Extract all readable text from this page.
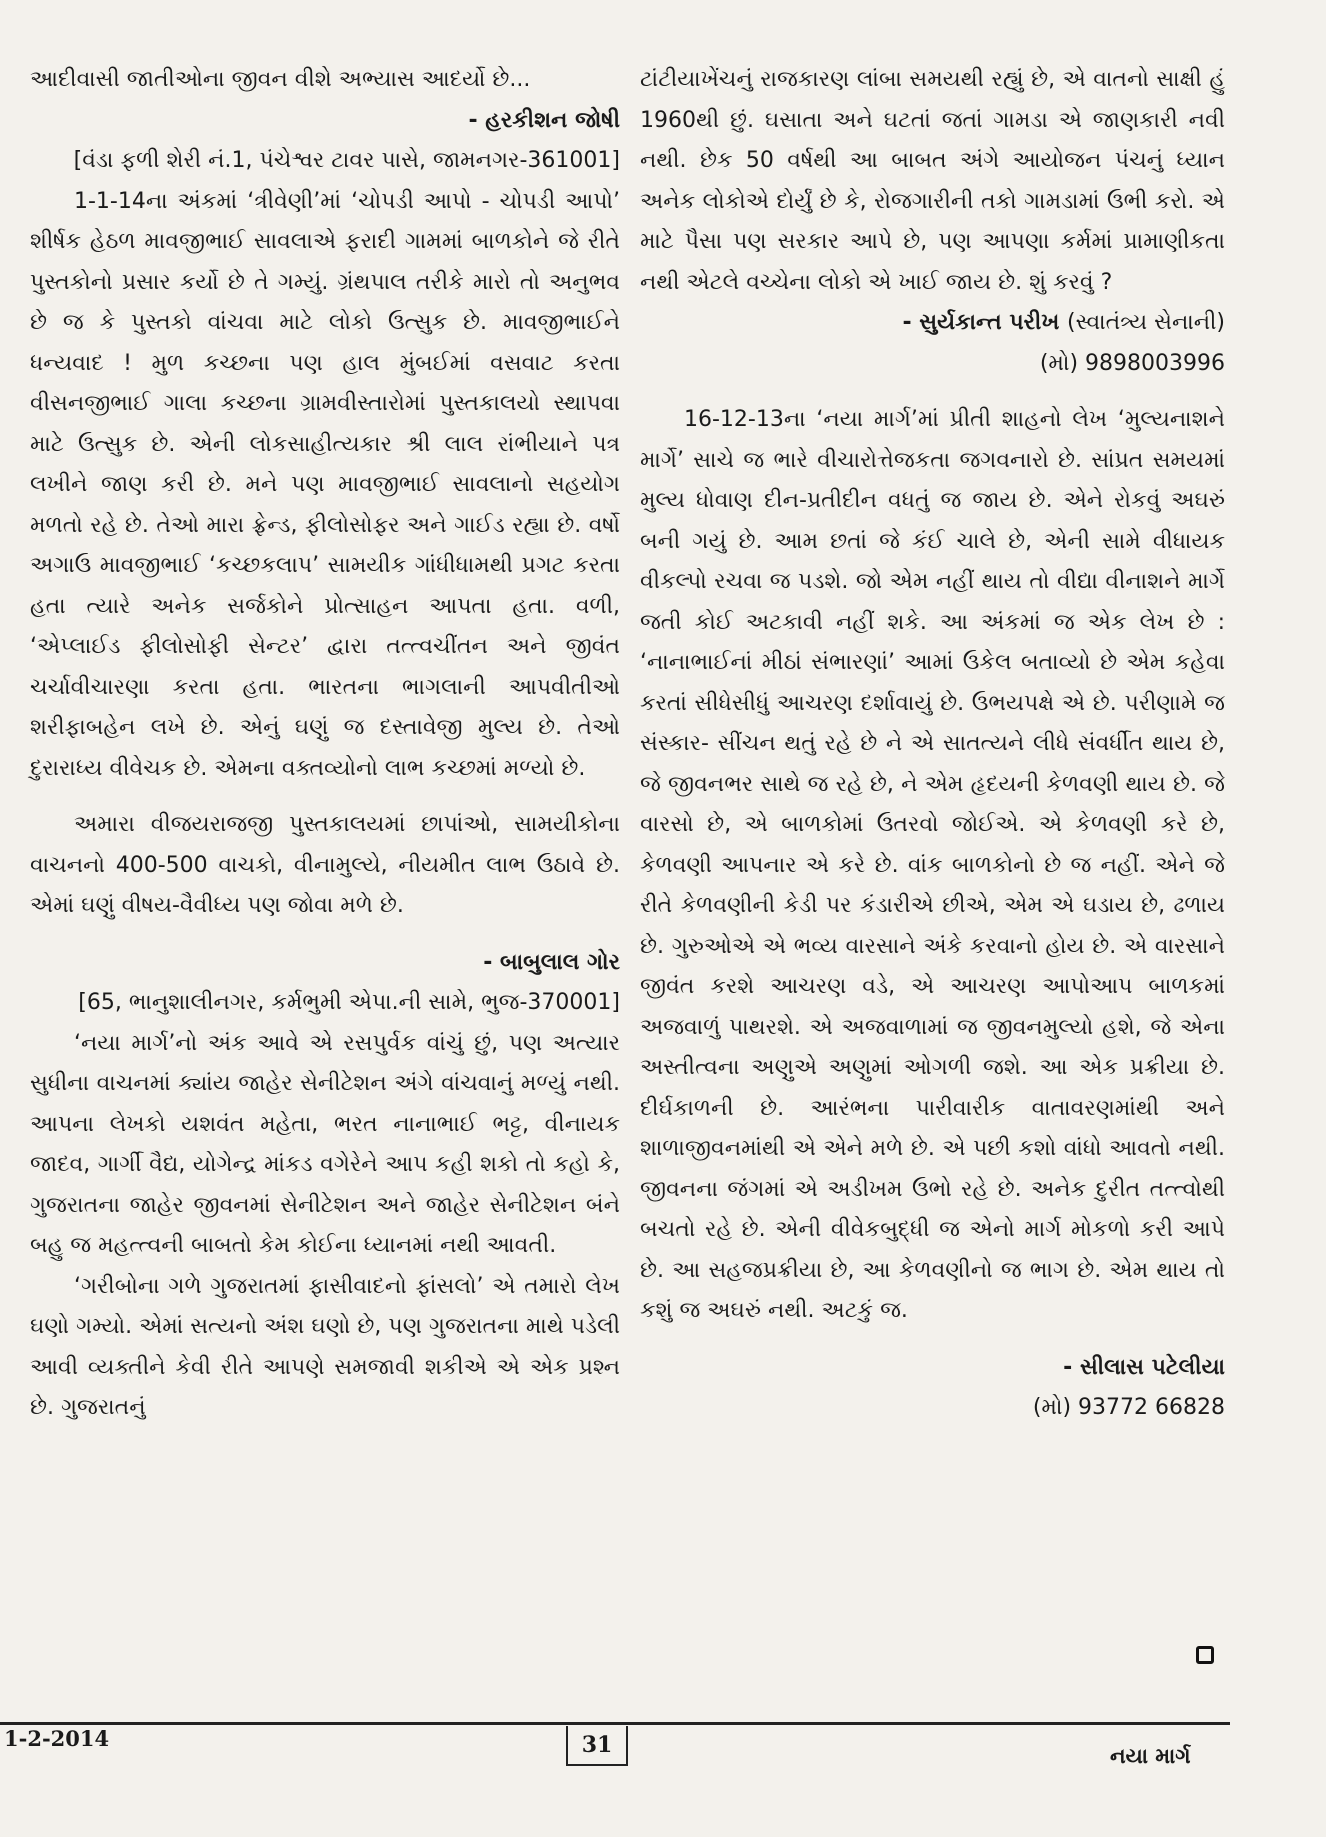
આદીવાસી જાતીઓના જીવન વીશે અભ્યાસ આદર્યો છે...

- હરકીશન જોષી

[વંડા ફળી શેરી નં.1, પંચેશ્વર ટાવર પાસે, જામનગર-361001]

1-1-14ના અંકમાં ‘ત્રીવેણી’માં ‘ચોપડી આપો - ચોપડી આપો’ શીર્ષક હેઠળ માવજીભાઈ સાવલાએ ફરાદી ગામમાં બાળકોને જે રીતે પુસ્તકોનો પ્રસાર કર્યો છે તે ગમ્યું. ગ્રંથપાલ તરીકે મારો તો અનુભવ છે જ કે પુસ્તકો વાંચવા માટે લોકો ઉત્સુક છે. માવજીભાઈને ધન્યવાદ ! મુળ કચ્છના પણ હાલ મુંબઈમાં વસવાટ કરતા વીસનજીભાઈ ગાલા કચ્છના ગ્રામવીસ્તારોમાં પુસ્તકાલયો સ્થાપવા માટે ઉત્સુક છે. એની લોકસાહીત્યકાર શ્રી લાલ રાંભીયાને પત્ર લખીને જાણ કરી છે. મને પણ માવજીભાઈ સાવલાનો સહયોગ મળતો રહે છે. તેઓ મારા ફ્રેન્ડ, ફીલોસોફર અને ગાઈડ રહ્યા છે. વર્ષો અગાઉ માવજીભાઈ ‘કચ્છકલાપ’ સામયીક ગાંધીધામથી પ્રગટ કરતા હતા ત્યારે અનેક સર્જકોને પ્રોત્સાહન આપતા હતા. વળી, ‘એપ્લાઈડ ફીલોસોફી સેન્ટર’ દ્વારા તત્ત્વચીંતન અને જીવંત ચર્ચાવીચારણા કરતા હતા. ભારતના ભાગલાની આપવીતીઓ શરીફાબહેન લખે છે. એનું ઘણું જ દસ્તાવેજી મુલ્ય છે. તેઓ દુરારાધ્ય વીવેચક છે. એમના વક્તવ્યોનો લાભ કચ્છમાં મળ્યો છે.

અમારા વીજયરાજજી પુસ્તકાલયમાં છાપાંઓ, સામયીકોના વાચનનો 400-500 વાચકો, વીનામુલ્યે, નીયમીત લાભ ઉઠાવે છે. એમાં ઘણું વીષય-વૈવીધ્ય પણ જોવા મળે છે.

- બાબુલાલ ગોર

[65, ભાનુશાલીનગર, કર્મભુમી એપા.ની સામે, ભુજ-370001]

‘નયા માર્ગ’નો અંક આવે એ રસપુર્વક વાંચું છું, પણ અત્યાર સુધીના વાચનમાં ક્યાંય જાહેર સેનીટેશન અંગે વાંચવાનું મળ્યું નથી. આપના લેખકો યશવંત મહેતા, ભરત નાનાભાઈ ભટ્ટ, વીનાયક જાદવ, ગાર્ગી વૈદ્ય, યોગેન્દ્ર માંકડ વગેરેને આપ કહી શકો તો કહો કે, ગુજરાતના જાહેર જીવનમાં સેનીટેશન અને જાહેર સેનીટેશન બંને બહુ જ મહત્ત્વની બાબતો કેમ કોઈના ધ્યાનમાં નથી આવતી.

‘ગરીબોના ગળે ગુજરાતમાં ફાસીવાદનો ફાંસલો’ એ તમારો લેખ ઘણો ગમ્યો. એમાં સત્યનો અંશ ઘણો છે, પણ ગુજરાતના માથે પડેલી આવી વ્યક્તીને કેવી રીતે આપણે સમજાવી શકીએ એ એક પ્રશ્ન છે. ગુજરાતનું

ટાંટીયાખેંચનું રાજકારણ લાંબા સમયથી રહ્યું છે, એ વાતનો સાક્ષી હું 1960થી છું. ઘસાતા અને ઘટતાં જતાં ગામડા એ જાણકારી નવી નથી. છેક 50 વર્ષથી આ બાબત અંગે આયોજન પંચનું ધ્યાન અનેક લોકોએ દોર્યું છે કે, રોજગારીની તકો ગામડામાં ઉભી કરો. એ માટે પૈસા પણ સરકાર આપે છે, પણ આપણા કર્મમાં પ્રામાણીકતા નથી એટલે વચ્ચેના લોકો એ ખાઈ જાય છે. શું કરવું ?

- સુર્યકાન્ત પરીખ (સ્વાતંત્ર્ય સેનાની)

(મો) 9898003996

16-12-13ના ‘નયા માર્ગ’માં પ્રીતી શાહનો લેખ ‘મુલ્યનાશને માર્ગે’ સાચે જ ભારે વીચારોત્તેજકતા જગવનારો છે. સાંપ્રત સમયમાં મુલ્ય ધોવાણ દીન-પ્રતીદીન વધતું જ જાય છે. એને રોકવું અઘરું બની ગયું છે. આમ છતાં જે કંઈ ચાલે છે, એની સામે વીધાયક વીકલ્પો રચવા જ પડશે. જો એમ નહીં થાય તો વીદ્યા વીનાશને માર્ગે જતી કોઈ અટકાવી નહીં શકે. આ અંકમાં જ એક લેખ છે : ‘નાનાભાઈનાં મીઠાં સંભારણાં’ આમાં ઉકેલ બતાવ્યો છે એમ કહેવા કરતાં સીધેસીધું આચરણ દર્શાવાયું છે. ઉભયપક્ષે એ છે. પરીણામે જ સંસ્કાર- સીંચન થતું રહે છે ને એ સાતત્યને લીધે સંવર્ધીત થાય છે, જે જીવનભર સાથે જ રહે છે, ને એમ હૃદયની કેળવણી થાય છે. જે વારસો છે, એ બાળકોમાં ઉતરવો જોઈએ. એ કેળવણી કરે છે, કેળવણી આપનાર એ કરે છે. વાંક બાળકોનો છે જ નહીં. એને જે રીતે કેળવણીની કેડી પર કંડારીએ છીએ, એમ એ ઘડાય છે, ઢળાય છે. ગુરુઓએ એ ભવ્ય વારસાને અંકે કરવાનો હોય છે. એ વારસાને જીવંત કરશે આચરણ વડે, એ આચરણ આપોઆપ બાળકમાં અજવાળું પાથરશે. એ અજવાળામાં જ જીવનમુલ્યો હશે, જે એના અસ્તીત્વના અણુએ અણુમાં ઓગળી જશે. આ એક પ્રક્રીયા છે. દીર્ઘકાળની છે. આરંભના પારીવારીક વાતાવરણમાંથી અને શાળાજીવનમાંથી એ એને મળે છે. એ પછી કશો વાંધો આવતો નથી. જીવનના જંગમાં એ અડીખમ ઉભો રહે છે. અનેક દુરીત તત્ત્વોથી બચતો રહે છે. એની વીવેકબુદ્ધી જ એનો માર્ગ મોકળો કરી આપે છે. આ સહજપ્રક્રીયા છે, આ કેળવણીનો જ ભાગ છે. એમ થાય તો કશું જ અઘરું નથી. અટકું જ.

- સીલાસ પટેલીયા

(મો) 93772 66828

1-2-2014	31	નયા માર્ગ
